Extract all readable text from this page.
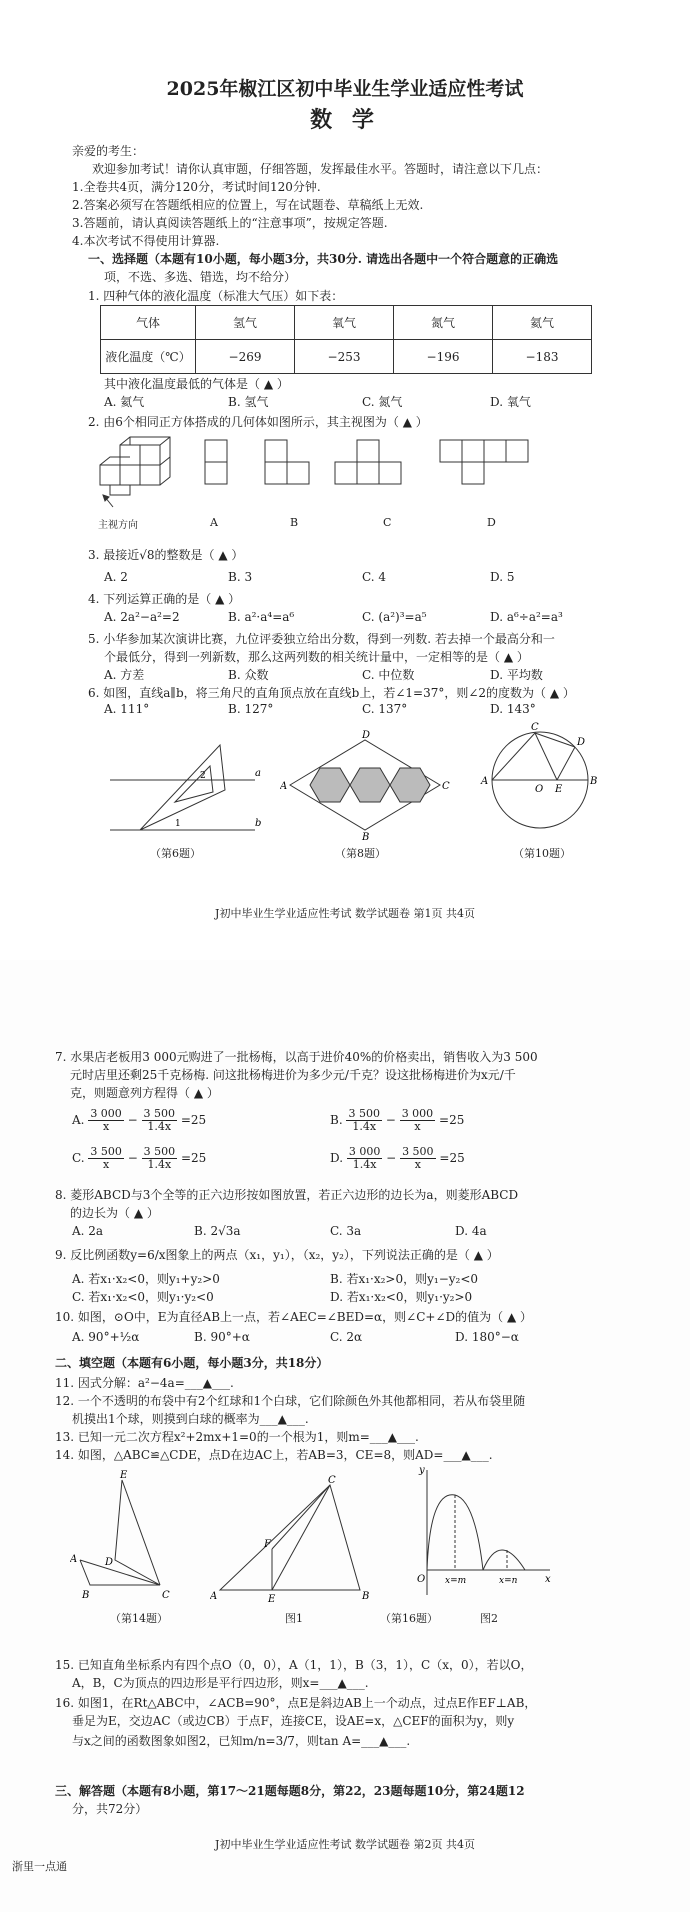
2025年椒江区初中毕业生学业适应性考试
数 学
亲爱的考生：
欢迎参加考试！请你认真审题，仔细答题，发挥最佳水平。答题时，请注意以下几点：
1.全卷共4页，满分120分，考试时间120分钟.
2.答案必须写在答题纸相应的位置上，写在试题卷、草稿纸上无效.
3.答题前，请认真阅读答题纸上的“注意事项”，按规定答题.
4.本次考试不得使用计算器.
一、选择题（本题有10小题，每小题3分，共30分. 请选出各题中一个符合题意的正确选
项，不选、多选、错选，均不给分）
1. 四种气体的液化温度（标准大气压）如下表：
气体	氢气	氧气	氮气	氦气
液化温度（℃）	−269	−253	−196	−183
其中液化温度最低的气体是（ ▲ ）
A. 氦气	B. 氢气	C. 氮气	D. 氧气
2. 由6个相同正方体搭成的几何体如图所示，其主视图为（ ▲ ）
主视方向	A	B	C	D
3. 最接近√8的整数是（ ▲ ）
A. 2	B. 3	C. 4	D. 5
4. 下列运算正确的是（ ▲ ）
A. 2a²−a²=2	B. a²·a⁴=a⁶	C. (a²)³=a⁵	D. a⁶÷a²=a³
5. 小华参加某次演讲比赛，九位评委独立给出分数，得到一列数. 若去掉一个最高分和一
个最低分，得到一列新数，那么这两列数的相关统计量中，一定相等的是（ ▲ ）
A. 方差	B. 众数	C. 中位数	D. 平均数
6. 如图，直线a∥b，将三角尺的直角顶点放在直线b上，若∠1=37°，则∠2的度数为（ ▲ ）
A. 111°	B. 127°	C. 137°	D. 143°
a
b
1
2
A
D
C
B
A	B
C
D
O E
（第6题）	（第8题）	（第10题）
J初中毕业生学业适应性考试 数学试题卷 第1页 共4页
7. 水果店老板用3 000元购进了一批杨梅，以高于进价40%的价格卖出，销售收入为3 500
元时店里还剩25千克杨梅. 问这批杨梅进价为多少元/千克？设这批杨梅进价为x元/千
克，则题意列方程得（ ▲ ）
A. $\frac{3 000}{x} - \frac{3 500}{1.4x} =25$	B. $\frac{3 500}{1.4x} - \frac{3 000}{x} =25$
C. $\frac{3 500}{x} - \frac{3 500}{1.4x} =25$	D. $\frac{3 000}{1.4x} - \frac{3 500}{x} =25$
8. 菱形ABCD与3个全等的正六边形按如图放置，若正六边形的边长为a，则菱形ABCD
的边长为（ ▲ ）
A. 2a	B. 2√3a	C. 3a	D. 4a
9. 反比例函数y=6/x图象上的两点（x₁，y₁），（x₂，y₂），下列说法正确的是（ ▲ ）
A. 若x₁·x₂<0，则y₁+y₂>0	B. 若x₁·x₂>0，则y₁−y₂<0
C. 若x₁·x₂<0，则y₁·y₂<0	D. 若x₁·x₂<0，则y₁·y₂>0
10. 如图，⊙O中，E为直径AB上一点，若∠AEC=∠BED=α，则∠C+∠D的值为（ ▲ ）
A. 90°+½α	B. 90°+α	C. 2α	D. 180°−α
二、填空题（本题有6小题，每小题3分，共18分）
11. 因式分解：a²−4a=___▲___.
12. 一个不透明的布袋中有2个红球和1个白球，它们除颜色外其他都相同，若从布袋里随
机摸出1个球，则摸到白球的概率为___▲___.
13. 已知一元二次方程x²+2mx+1=0的一个根为1，则m=___▲___.
14. 如图，△ABC≌△CDE，点D在边AC上，若AB=3，CE=8，则AD=___▲___.
A
B	C
D
E
A	B
C
E
F
y
x
O x=m	x=n
（第14题）	图1	（第16题）	图2
15. 已知直角坐标系内有四个点O（0，0），A（1，1），B（3，1），C（x，0），若以O，
A，B，C为顶点的四边形是平行四边形，则x=___▲___.
16. 如图1，在Rt△ABC中，∠ACB=90°，点E是斜边AB上一个动点，过点E作EF⊥AB，
垂足为E，交边AC（或边CB）于点F，连接CE，设AE=x，△CEF的面积为y，则y
与x之间的函数图象如图2，已知m/n=3/7，则tan A=___▲___.
三、解答题（本题有8小题，第17～21题每题8分，第22，23题每题10分，第24题12
分，共72分）
J初中毕业生学业适应性考试 数学试题卷 第2页 共4页
浙里一点通
